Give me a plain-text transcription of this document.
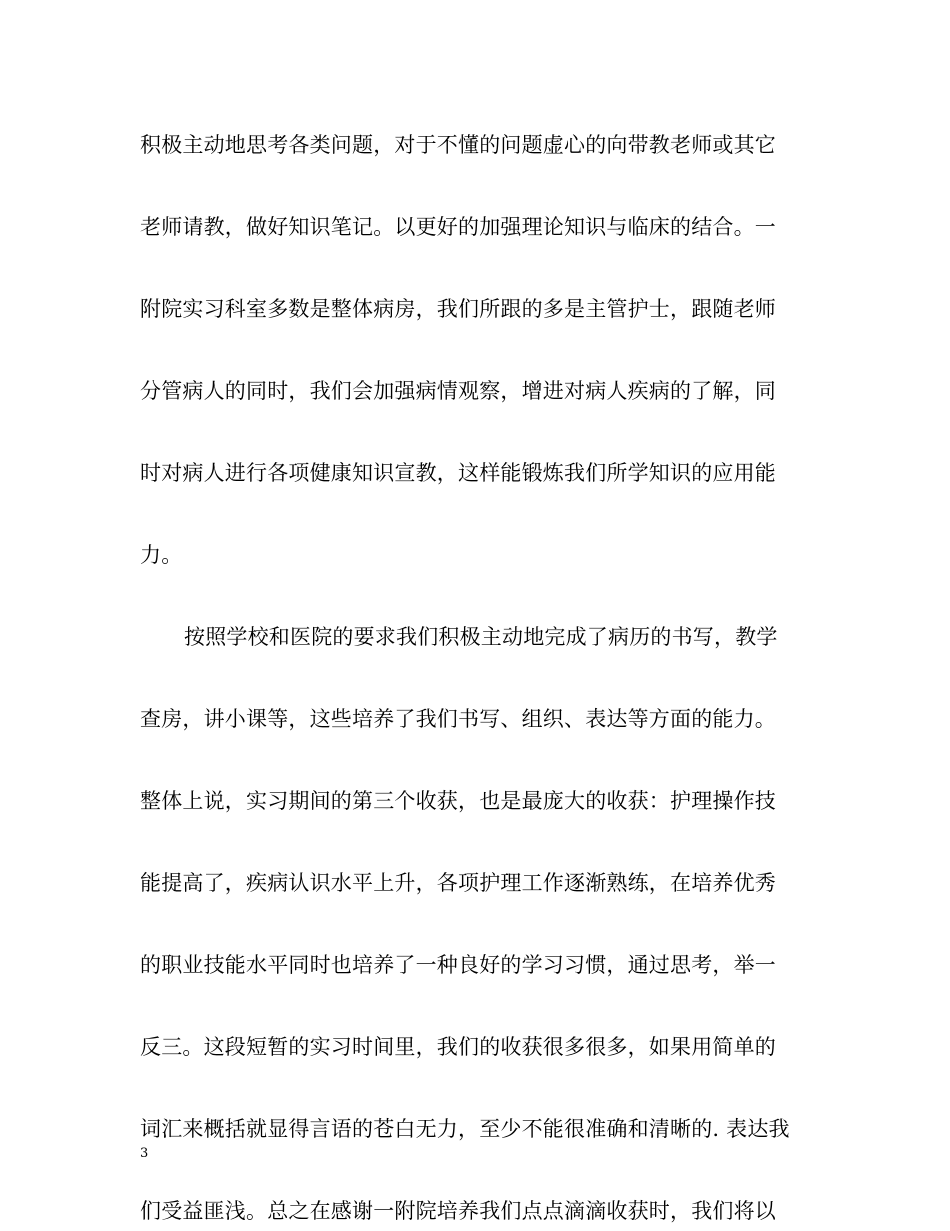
积极主动地思考各类问题，对于不懂的问题虚心的向带教老师或其它
老师请教，做好知识笔记。以更好的加强理论知识与临床的结合。一
附院实习科室多数是整体病房，我们所跟的多是主管护士，跟随老师
分管病人的同时，我们会加强病情观察，增进对病人疾病的了解，同
时对病人进行各项健康知识宣教，这样能锻炼我们所学知识的应用能
力。
按照学校和医院的要求我们积极主动地完成了病历的书写，教学
查房，讲小课等，这些培养了我们书写、组织、表达等方面的能力。
整体上说，实习期间的第三个收获，也是最庞大的收获：护理操作技
能提高了，疾病认识水平上升，各项护理工作逐渐熟练，在培养优秀
的职业技能水平同时也培养了一种良好的学习习惯，通过思考，举一
反三。这段短暂的实习时间里，我们的收获很多很多，如果用简单的
词汇来概括就显得言语的苍白无力，至少不能很准确和清晰的. 表达我
们受益匪浅。总之在感谢一附院培养我们点点滴滴收获时，我们将以
3
